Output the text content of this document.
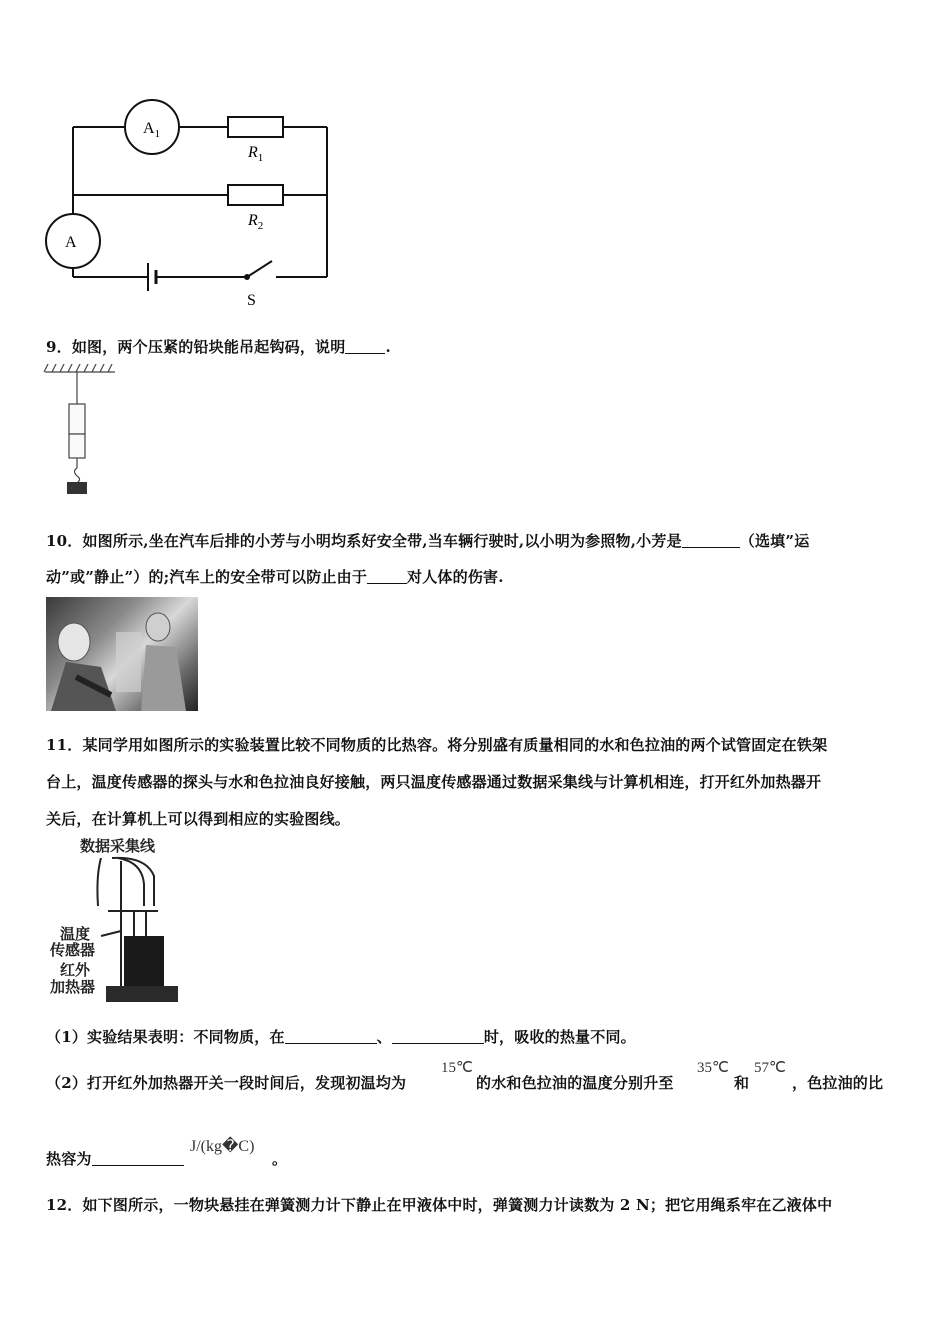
$A_1$
A
$R_1$
$R_2$
S
9．如图，两个压紧的铅块能吊起钩码，说明	.
10．如图所示,坐在汽车后排的小芳与小明均系好安全带,当车辆行驶时,以小明为参照物,小芳是	（选填”运
动”或”静止”）的;汽车上的安全带可以防止由于	对人体的伤害.
11．某同学用如图所示的实验装置比较不同物质的比热容。将分别盛有质量相同的水和色拉油的两个试管固定在铁架
台上，温度传感器的探头与水和色拉油良好接触，两只温度传感器通过数据采集线与计算机相连，打开红外加热器开
关后，在计算机上可以得到相应的实验图线。
数据采集线
温度
传感器
红外
加热器
（1）实验结果表明：不同物质，在	、	时，吸收的热量不同。
（2）打开红外加热器开关一段时间后，发现初温均为
15℃
的水和色拉油的温度分别升至
35℃
和
57℃
，色拉油的比
热容为
J/(kg�C)
。
12．如下图所示，一物块悬挂在弹簧测力计下静止在甲液体中时，弹簧测力计读数为 2 N；把它用绳系牢在乙液体中
